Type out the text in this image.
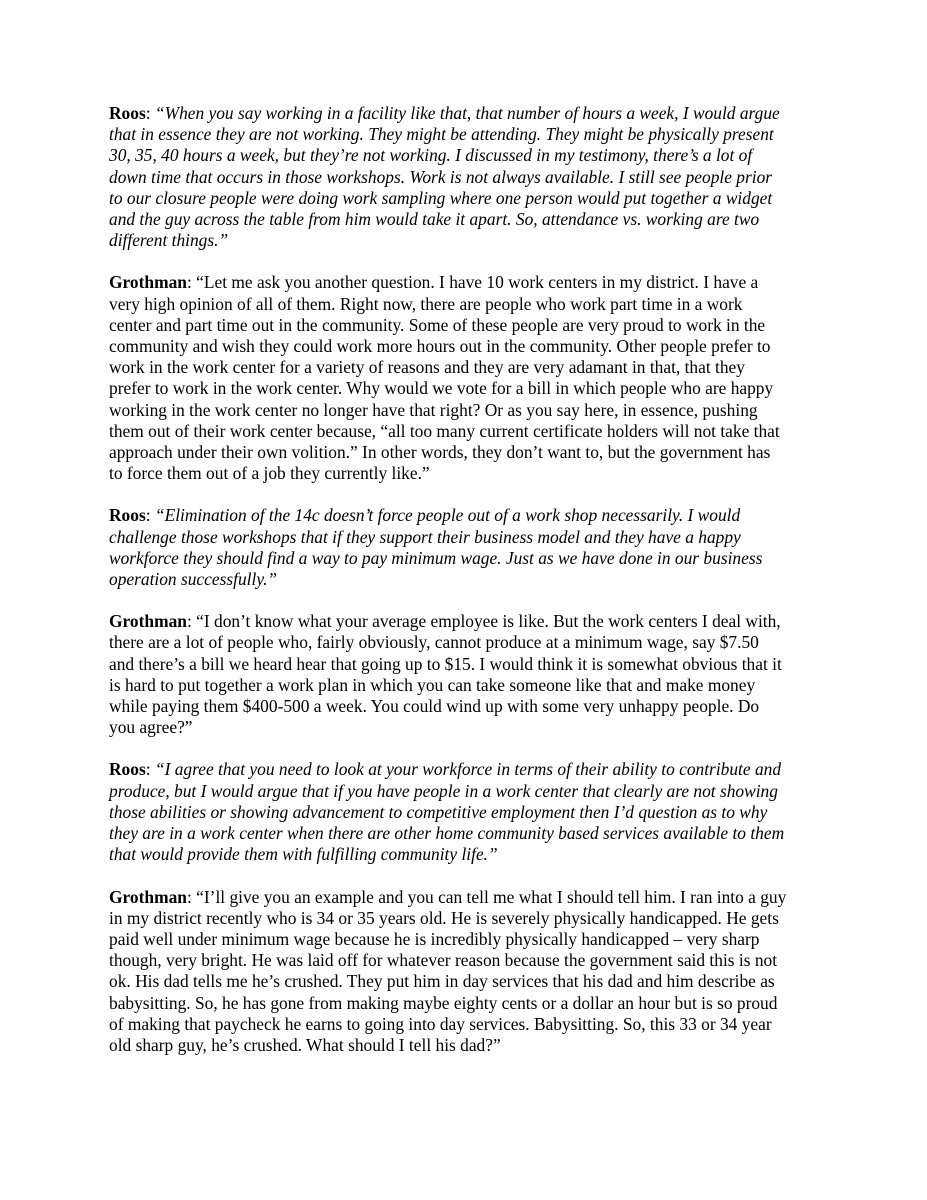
Roos: “When you say working in a facility like that, that number of hours a week, I would argue
that in essence they are not working. They might be attending. They might be physically present
30, 35, 40 hours a week, but they’re not working. I discussed in my testimony, there’s a lot of
down time that occurs in those workshops. Work is not always available. I still see people prior
to our closure people were doing work sampling where one person would put together a widget
and the guy across the table from him would take it apart. So, attendance vs. working are two
different things.”

Grothman: “Let me ask you another question. I have 10 work centers in my district. I have a
very high opinion of all of them. Right now, there are people who work part time in a work
center and part time out in the community. Some of these people are very proud to work in the
community and wish they could work more hours out in the community. Other people prefer to
work in the work center for a variety of reasons and they are very adamant in that, that they
prefer to work in the work center. Why would we vote for a bill in which people who are happy
working in the work center no longer have that right? Or as you say here, in essence, pushing
them out of their work center because, “all too many current certificate holders will not take that
approach under their own volition.” In other words, they don’t want to, but the government has
to force them out of a job they currently like.”

Roos: “Elimination of the 14c doesn’t force people out of a work shop necessarily. I would
challenge those workshops that if they support their business model and they have a happy
workforce they should find a way to pay minimum wage. Just as we have done in our business
operation successfully.”

Grothman: “I don’t know what your average employee is like. But the work centers I deal with,
there are a lot of people who, fairly obviously, cannot produce at a minimum wage, say $7.50
and there’s a bill we heard hear that going up to $15. I would think it is somewhat obvious that it
is hard to put together a work plan in which you can take someone like that and make money
while paying them $400-500 a week. You could wind up with some very unhappy people. Do
you agree?”

Roos: “I agree that you need to look at your workforce in terms of their ability to contribute and
produce, but I would argue that if you have people in a work center that clearly are not showing
those abilities or showing advancement to competitive employment then I’d question as to why
they are in a work center when there are other home community based services available to them
that would provide them with fulfilling community life.”

Grothman: “I’ll give you an example and you can tell me what I should tell him. I ran into a guy
in my district recently who is 34 or 35 years old. He is severely physically handicapped. He gets
paid well under minimum wage because he is incredibly physically handicapped – very sharp
though, very bright. He was laid off for whatever reason because the government said this is not
ok. His dad tells me he’s crushed. They put him in day services that his dad and him describe as
babysitting. So, he has gone from making maybe eighty cents or a dollar an hour but is so proud
of making that paycheck he earns to going into day services. Babysitting. So, this 33 or 34 year
old sharp guy, he’s crushed. What should I tell his dad?”
